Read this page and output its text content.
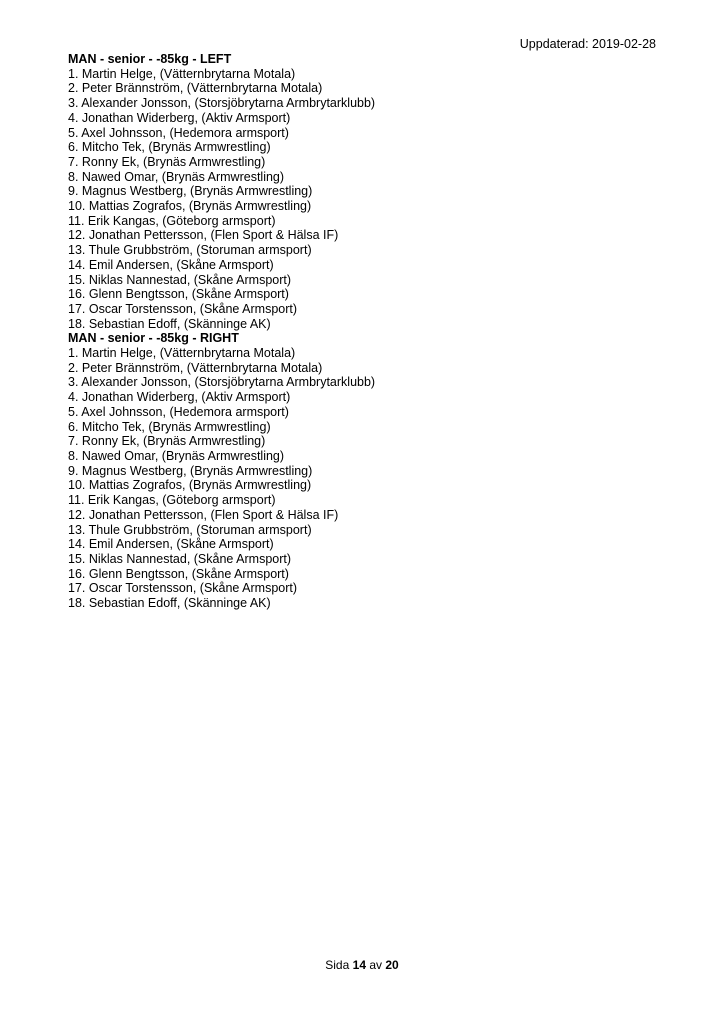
Uppdaterad: 2019-02-28
MAN - senior - -85kg - LEFT
1. Martin Helge, (Vätternbrytarna Motala)
2. Peter Brännström, (Vätternbrytarna Motala)
3. Alexander Jonsson, (Storsjöbrytarna Armbrytarklubb)
4. Jonathan Widerberg, (Aktiv Armsport)
5. Axel Johnsson, (Hedemora armsport)
6. Mitcho Tek, (Brynäs Armwrestling)
7. Ronny Ek, (Brynäs Armwrestling)
8. Nawed Omar, (Brynäs Armwrestling)
9. Magnus Westberg, (Brynäs Armwrestling)
10. Mattias Zografos, (Brynäs Armwrestling)
11. Erik Kangas, (Göteborg armsport)
12. Jonathan Pettersson, (Flen Sport & Hälsa IF)
13. Thule Grubbström, (Storuman armsport)
14. Emil Andersen, (Skåne Armsport)
15. Niklas Nannestad, (Skåne Armsport)
16. Glenn Bengtsson, (Skåne Armsport)
17. Oscar Torstensson, (Skåne Armsport)
18. Sebastian Edoff, (Skänninge AK)
MAN - senior - -85kg - RIGHT
1. Martin Helge, (Vätternbrytarna Motala)
2. Peter Brännström, (Vätternbrytarna Motala)
3. Alexander Jonsson, (Storsjöbrytarna Armbrytarklubb)
4. Jonathan Widerberg, (Aktiv Armsport)
5. Axel Johnsson, (Hedemora armsport)
6. Mitcho Tek, (Brynäs Armwrestling)
7. Ronny Ek, (Brynäs Armwrestling)
8. Nawed Omar, (Brynäs Armwrestling)
9. Magnus Westberg, (Brynäs Armwrestling)
10. Mattias Zografos, (Brynäs Armwrestling)
11. Erik Kangas, (Göteborg armsport)
12. Jonathan Pettersson, (Flen Sport & Hälsa IF)
13. Thule Grubbström, (Storuman armsport)
14. Emil Andersen, (Skåne Armsport)
15. Niklas Nannestad, (Skåne Armsport)
16. Glenn Bengtsson, (Skåne Armsport)
17. Oscar Torstensson, (Skåne Armsport)
18. Sebastian Edoff, (Skänninge AK)
Sida 14 av 20
